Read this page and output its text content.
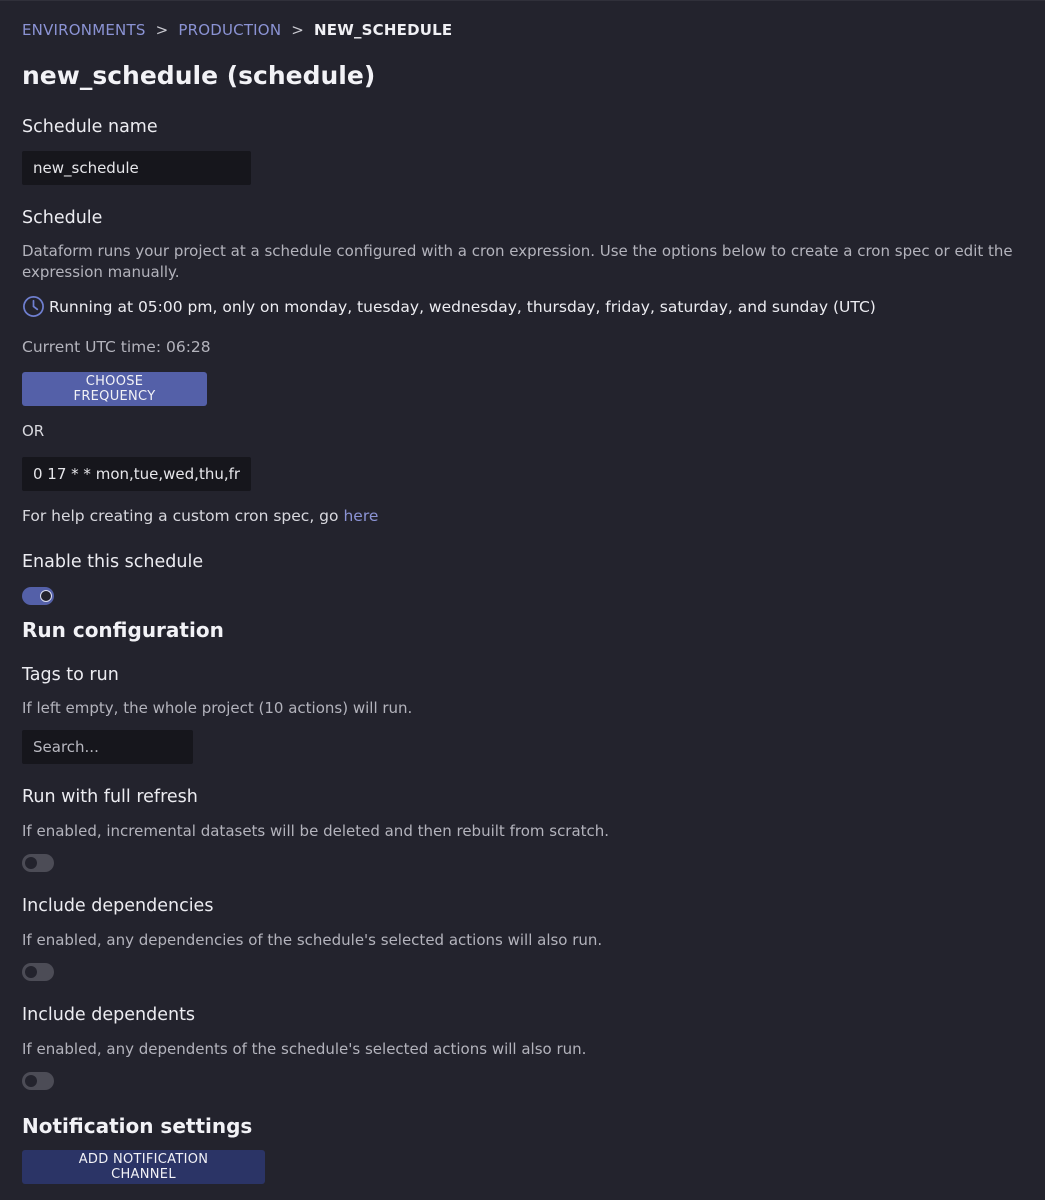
ENVIRONMENTS > PRODUCTION > NEW_SCHEDULE
new_schedule (schedule)
Schedule name
new_schedule
Schedule
Dataform runs your project at a schedule configured with a cron expression. Use the options below to create a cron spec or edit the expression manually.
Running at 05:00 pm, only on monday, tuesday, wednesday, thursday, friday, saturday, and sunday (UTC)
Current UTC time: 06:28
CHOOSE FREQUENCY
OR
0 17 * * mon,tue,wed,thu,fr
For help creating a custom cron spec, go here
Enable this schedule
Run configuration
Tags to run
If left empty, the whole project (10 actions) will run.
Search...
Run with full refresh
If enabled, incremental datasets will be deleted and then rebuilt from scratch.
Include dependencies
If enabled, any dependencies of the schedule's selected actions will also run.
Include dependents
If enabled, any dependents of the schedule's selected actions will also run.
Notification settings
ADD NOTIFICATION CHANNEL
